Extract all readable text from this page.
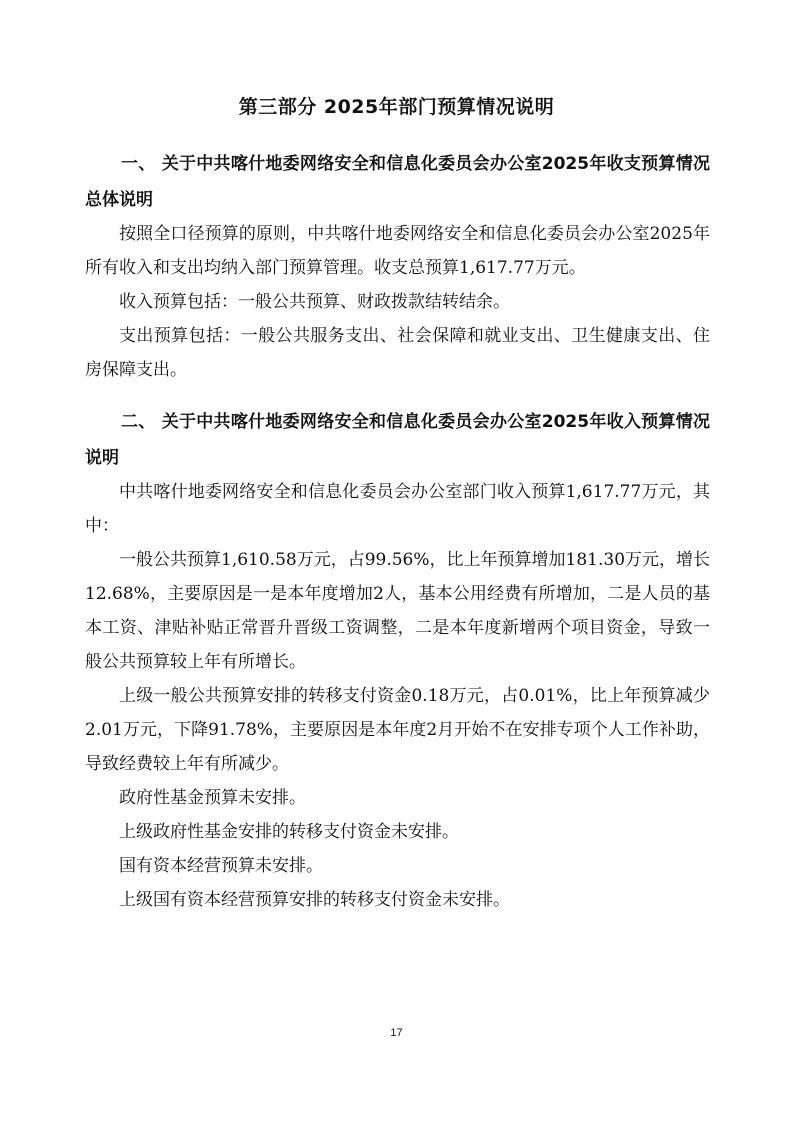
第三部分 2025年部门预算情况说明
一、 关于中共喀什地委网络安全和信息化委员会办公室2025年收支预算情况总体说明

按照全口径预算的原则，中共喀什地委网络安全和信息化委员会办公室2025年所有收入和支出均纳入部门预算管理。收支总预算1,617.77万元。

收入预算包括：一般公共预算、财政拨款结转结余。

支出预算包括：一般公共服务支出、社会保障和就业支出、卫生健康支出、住房保障支出。

二、 关于中共喀什地委网络安全和信息化委员会办公室2025年收入预算情况说明

中共喀什地委网络安全和信息化委员会办公室部门收入预算1,617.77万元，其中：

一般公共预算1,610.58万元，占99.56%，比上年预算增加181.30万元，增长12.68%，主要原因是一是本年度增加2人，基本公用经费有所增加，二是人员的基本工资、津贴补贴正常晋升晋级工资调整，二是本年度新增两个项目资金，导致一般公共预算较上年有所增长。

上级一般公共预算安排的转移支付资金0.18万元，占0.01%，比上年预算减少2.01万元，下降91.78%，主要原因是本年度2月开始不在安排专项个人工作补助，导致经费较上年有所减少。

政府性基金预算未安排。

上级政府性基金安排的转移支付资金未安排。

国有资本经营预算未安排。

上级国有资本经营预算安排的转移支付资金未安排。

17
